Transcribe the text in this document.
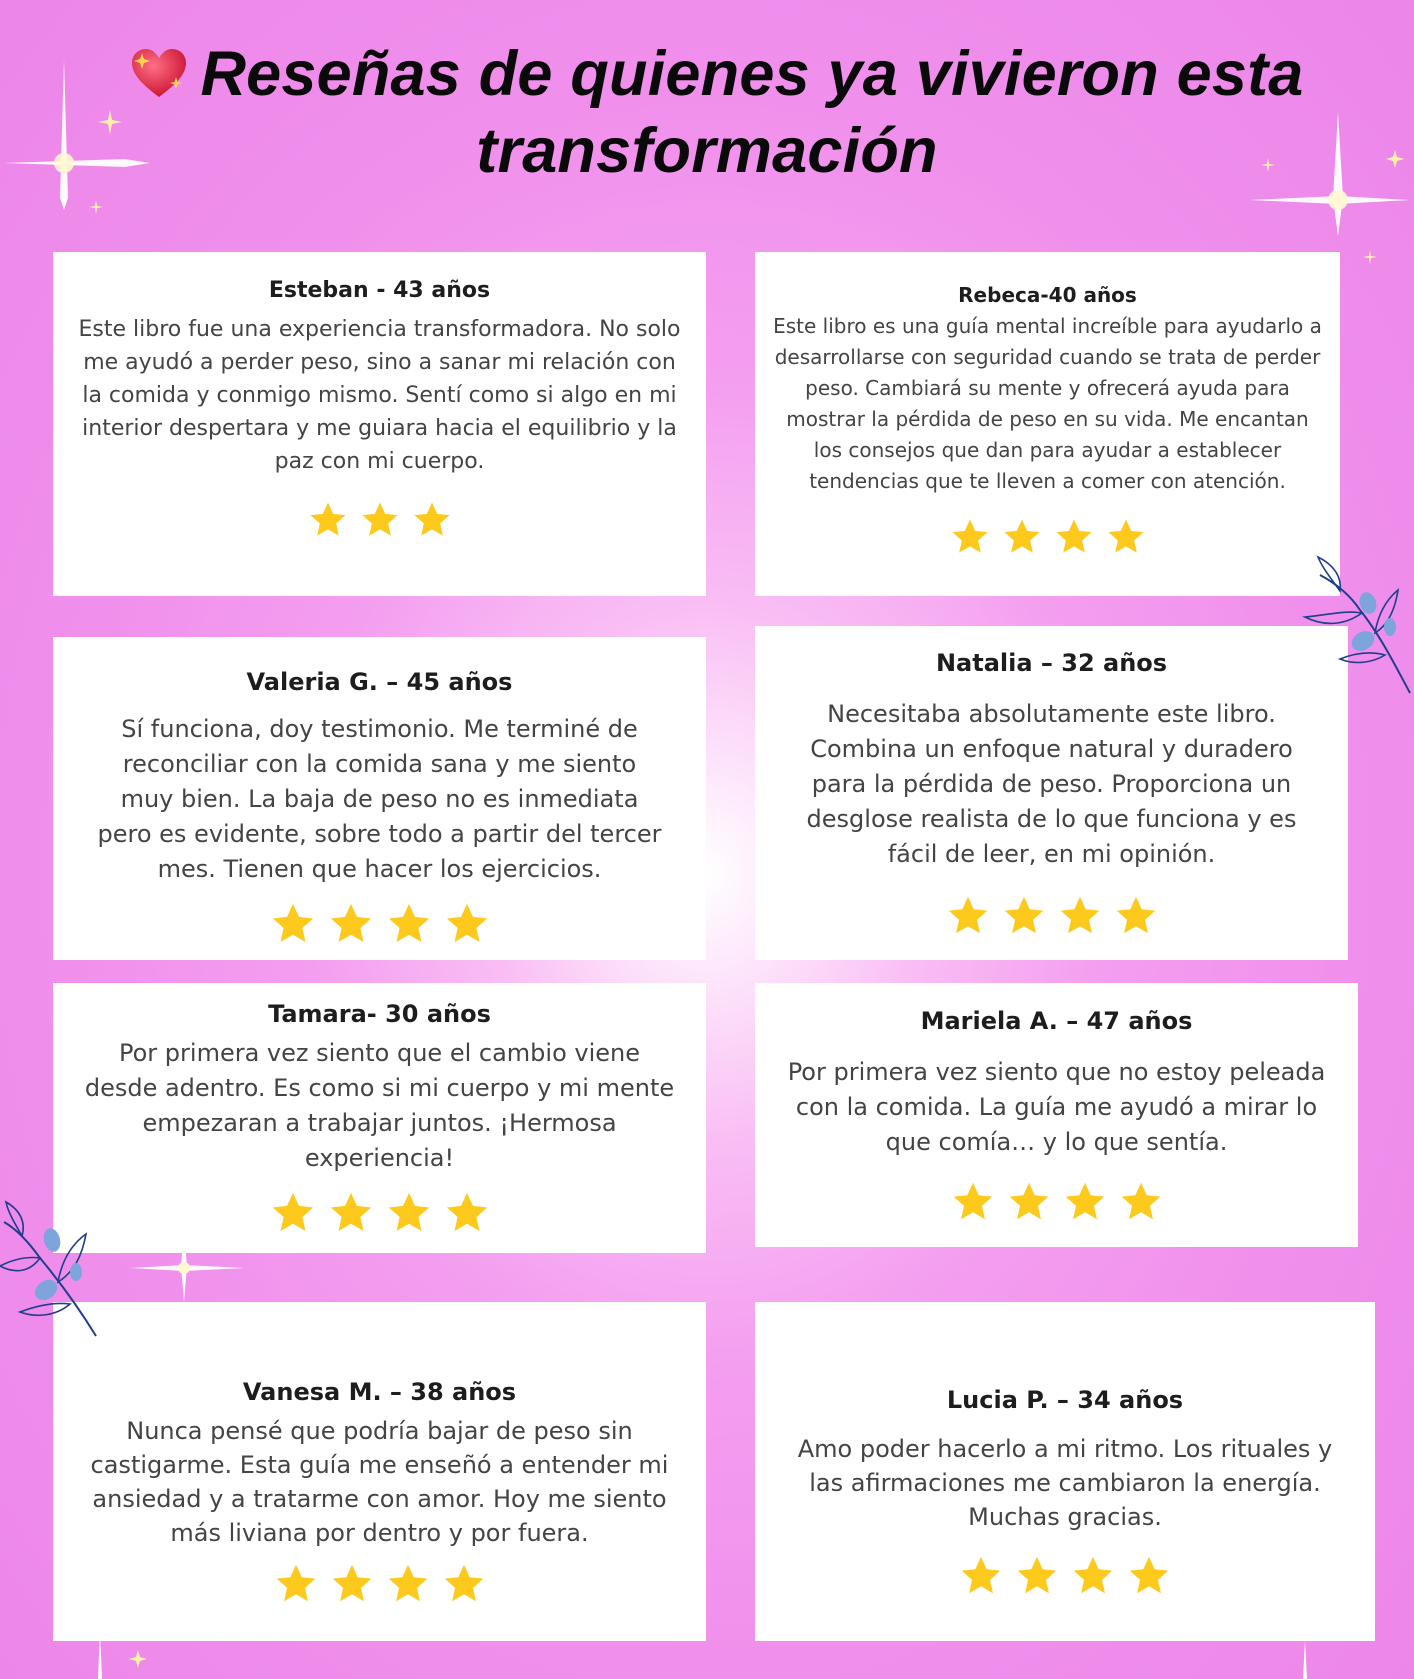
Reseñas de quienes ya vivieron esta
transformación

Esteban - 43 años

Este libro fue una experiencia transformadora. No solo me ayudó a perder peso, sino a sanar mi relación con la comida y conmigo mismo. Sentí como si algo en mi interior despertara y me guiara hacia el equilibrio y la paz con mi cuerpo.

Rebeca-40 años

Este libro es una guía mental increíble para ayudarlo a desarrollarse con seguridad cuando se trata de perder peso. Cambiará su mente y ofrecerá ayuda para mostrar la pérdida de peso en su vida. Me encantan los consejos que dan para ayudar a establecer tendencias que te lleven a comer con atención.

Valeria G. – 45 años

Sí funciona, doy testimonio. Me terminé de reconciliar con la comida sana y me siento muy bien. La baja de peso no es inmediata pero es evidente, sobre todo a partir del tercer mes. Tienen que hacer los ejercicios.

Natalia – 32 años

Necesitaba absolutamente este libro. Combina un enfoque natural y duradero para la pérdida de peso. Proporciona un desglose realista de lo que funciona y es fácil de leer, en mi opinión.

Tamara- 30 años

Por primera vez siento que el cambio viene desde adentro. Es como si mi cuerpo y mi mente empezaran a trabajar juntos. ¡Hermosa experiencia!

Mariela A. – 47 años

Por primera vez siento que no estoy peleada con la comida. La guía me ayudó a mirar lo que comía… y lo que sentía.

Vanesa M. – 38 años

Nunca pensé que podría bajar de peso sin castigarme. Esta guía me enseñó a entender mi ansiedad y a tratarme con amor. Hoy me siento más liviana por dentro y por fuera.

Lucia P. – 34 años

Amo poder hacerlo a mi ritmo. Los rituales y las afirmaciones me cambiaron la energía. Muchas gracias.
